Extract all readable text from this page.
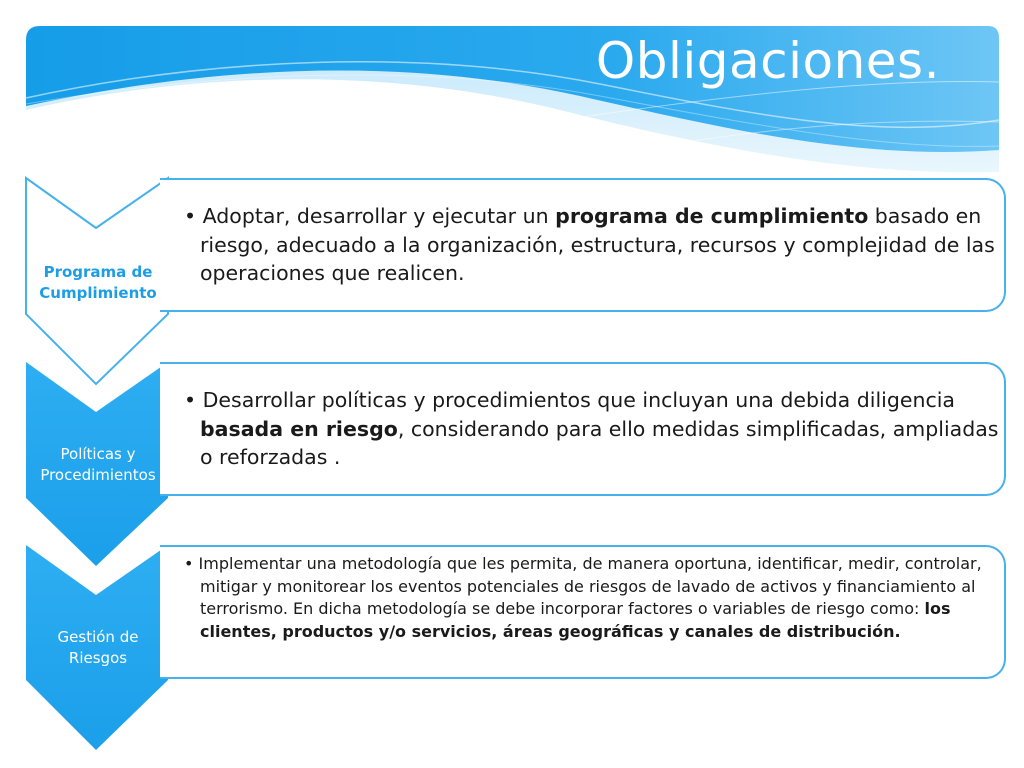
Obligaciones.
Programa de
Cumplimiento
Políticas y
Procedimientos
Gestión de
Riesgos

• Adoptar, desarrollar y ejecutar un programa de cumplimiento basado en riesgo, adecuado a la organización, estructura, recursos y complejidad de las operaciones que realicen.

• Desarrollar políticas y procedimientos que incluyan una debida diligencia basada en riesgo, considerando para ello medidas simplificadas, ampliadas o reforzadas .

• Implementar una metodología que les permita, de manera oportuna, identificar, medir, controlar, mitigar y monitorear los eventos potenciales de riesgos de lavado de activos y financiamiento al terrorismo. En dicha metodología se debe incorporar factores o variables de riesgo como: los clientes, productos y/o servicios, áreas geográficas y canales de distribución.
